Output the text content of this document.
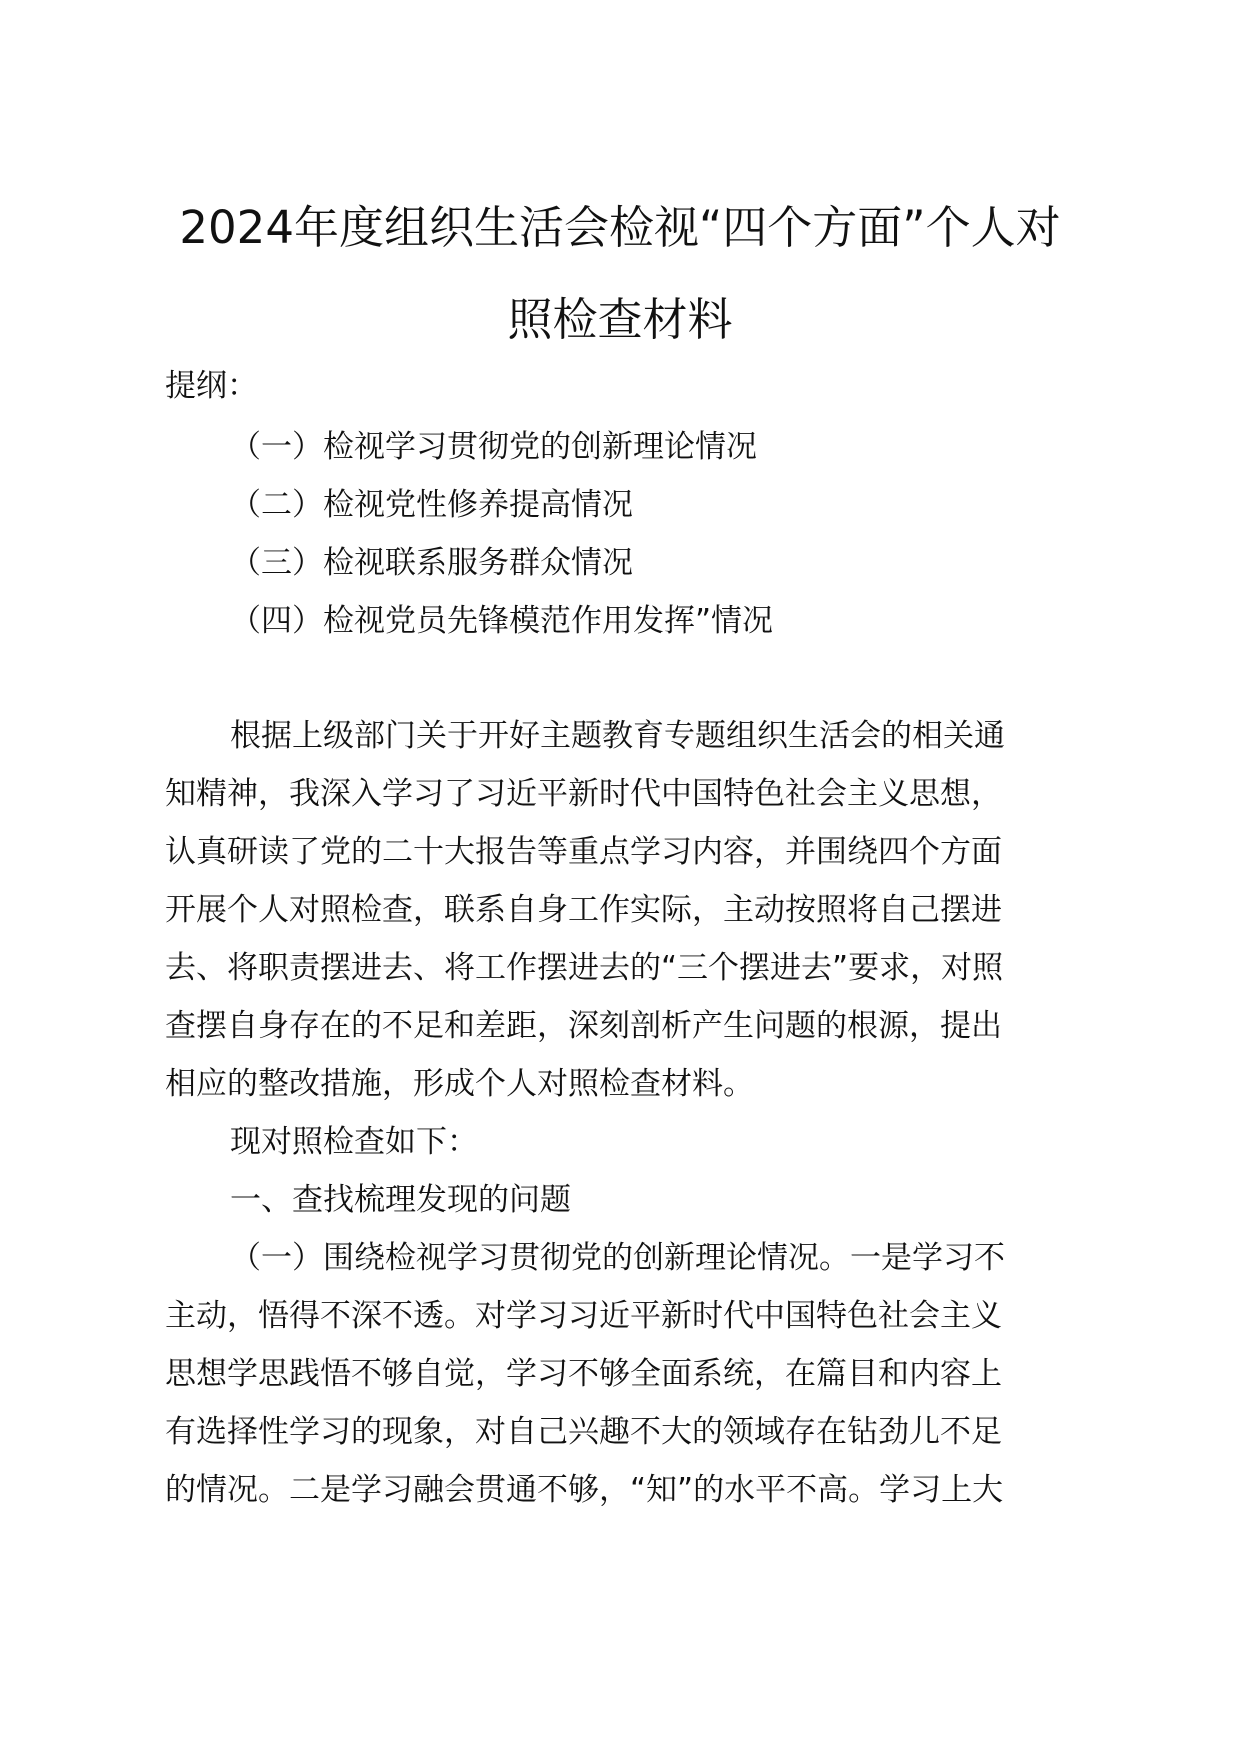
2024年度组织生活会检视“四个方面”个人对
照检查材料
提纲：
（一）检视学习贯彻党的创新理论情况
（二）检视党性修养提高情况
（三）检视联系服务群众情况
（四）检视党员先锋模范作用发挥”情况
根据上级部门关于开好主题教育专题组织生活会的相关通
知精神，我深入学习了习近平新时代中国特色社会主义思想，
认真研读了党的二十大报告等重点学习内容，并围绕四个方面
开展个人对照检查，联系自身工作实际，主动按照将自己摆进
去、将职责摆进去、将工作摆进去的“三个摆进去”要求，对照
查摆自身存在的不足和差距，深刻剖析产生问题的根源，提出
相应的整改措施，形成个人对照检查材料。
现对照检查如下：
一、查找梳理发现的问题
（一）围绕检视学习贯彻党的创新理论情况。一是学习不
主动，悟得不深不透。对学习习近平新时代中国特色社会主义
思想学思践悟不够自觉，学习不够全面系统，在篇目和内容上
有选择性学习的现象，对自己兴趣不大的领域存在钻劲儿不足
的情况。二是学习融会贯通不够，“知”的水平不高。学习上大
